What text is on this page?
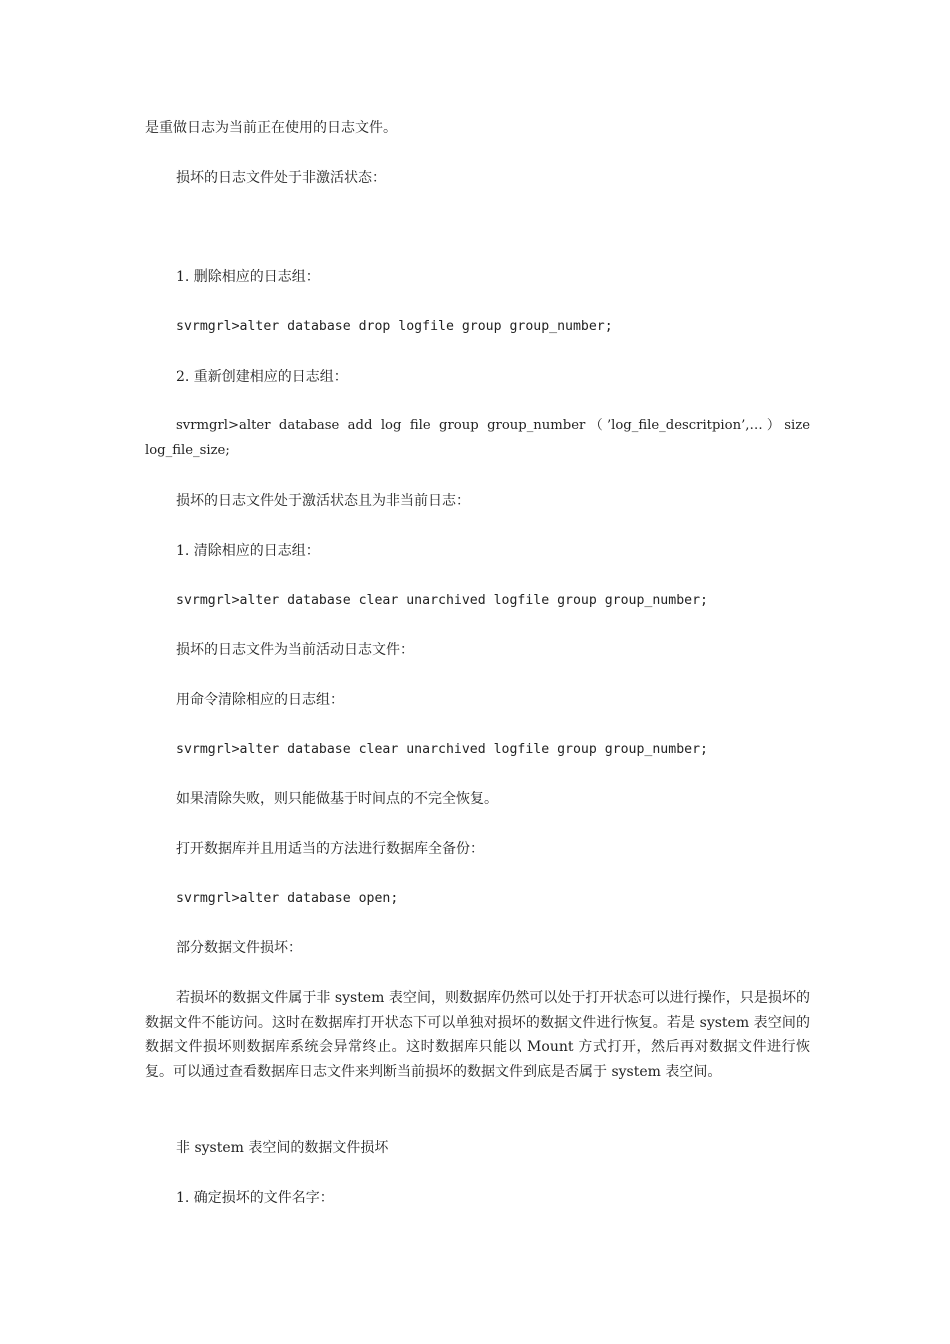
是重做日志为当前正在使用的日志文件。

损坏的日志文件处于非激活状态：

1. 删除相应的日志组：

svrmgrl>alter database drop logfile group group_number;

2. 重新创建相应的日志组：

svrmgrl>alter database add log file group group_number（’log_file_descritpion’,…）size log_file_size;

损坏的日志文件处于激活状态且为非当前日志：

1. 清除相应的日志组：

svrmgrl>alter database clear unarchived logfile group group_number;

损坏的日志文件为当前活动日志文件：

用命令清除相应的日志组：

svrmgrl>alter database clear unarchived logfile group group_number;

如果清除失败，则只能做基于时间点的不完全恢复。

打开数据库并且用适当的方法进行数据库全备份：

svrmgrl>alter database open;

部分数据文件损坏：

若损坏的数据文件属于非 system 表空间，则数据库仍然可以处于打开状态可以进行操作，只是损坏的数据文件不能访问。这时在数据库打开状态下可以单独对损坏的数据文件进行恢复。若是 system 表空间的数据文件损坏则数据库系统会异常终止。这时数据库只能以 Mount 方式打开，然后再对数据文件进行恢复。可以通过查看数据库日志文件来判断当前损坏的数据文件到底是否属于 system 表空间。

非 system 表空间的数据文件损坏

1. 确定损坏的文件名字：
